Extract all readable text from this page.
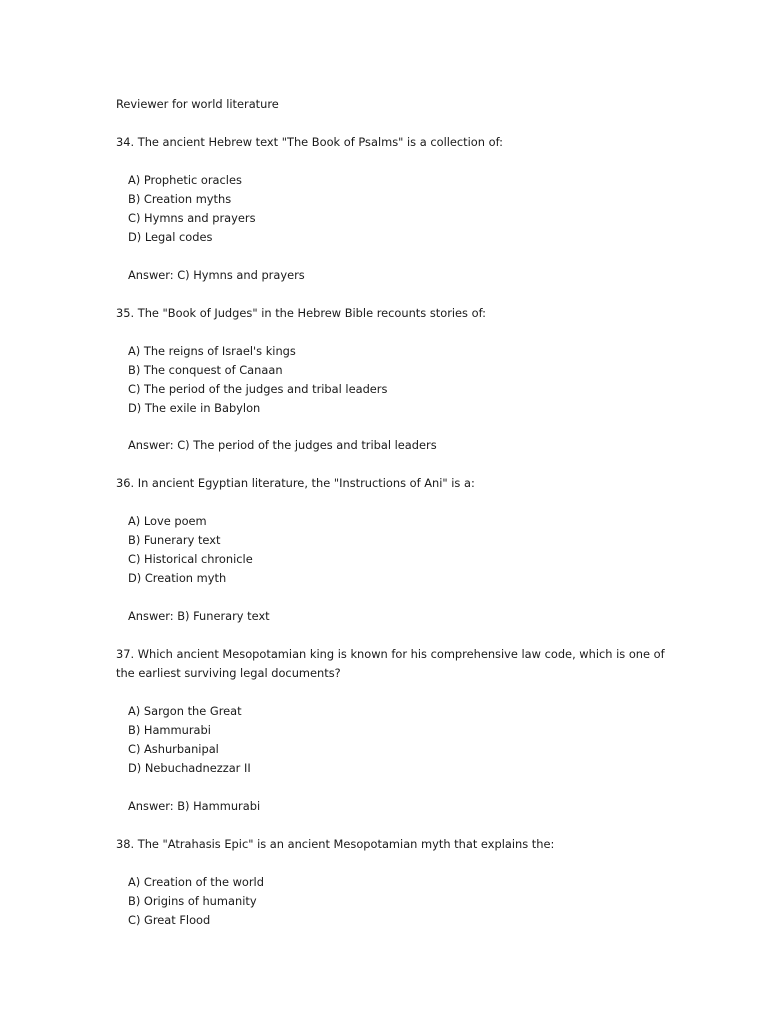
Reviewer for world literature
34. The ancient Hebrew text "The Book of Psalms" is a collection of:
A) Prophetic oracles
B) Creation myths
C) Hymns and prayers
D) Legal codes
Answer: C) Hymns and prayers
35. The "Book of Judges" in the Hebrew Bible recounts stories of:
A) The reigns of Israel's kings
B) The conquest of Canaan
C) The period of the judges and tribal leaders
D) The exile in Babylon
Answer: C) The period of the judges and tribal leaders
36. In ancient Egyptian literature, the "Instructions of Ani" is a:
A) Love poem
B) Funerary text
C) Historical chronicle
D) Creation myth
Answer: B) Funerary text
37. Which ancient Mesopotamian king is known for his comprehensive law code, which is one of
the earliest surviving legal documents?
A) Sargon the Great
B) Hammurabi
C) Ashurbanipal
D) Nebuchadnezzar II
Answer: B) Hammurabi
38. The "Atrahasis Epic" is an ancient Mesopotamian myth that explains the:
A) Creation of the world
B) Origins of humanity
C) Great Flood
